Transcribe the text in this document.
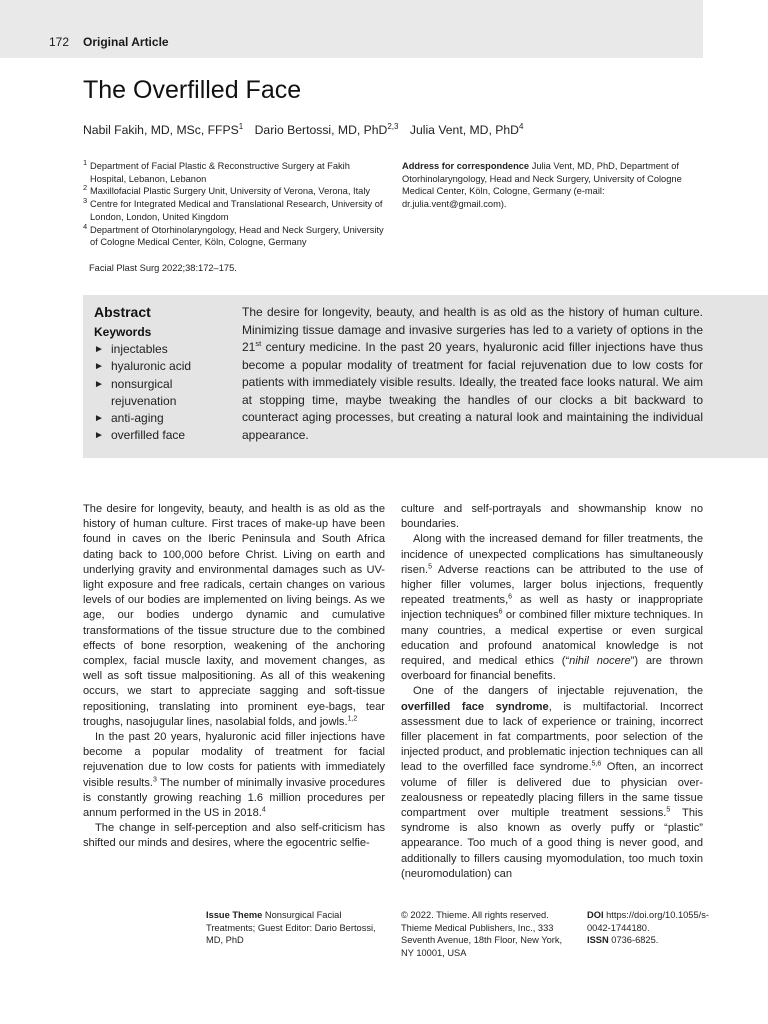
172 Original Article
The Overfilled Face
Nabil Fakih, MD, MSc, FFPS$^1$ Dario Bertossi, MD, PhD$^{2,3}$ Julia Vent, MD, PhD$^4$
1 Department of Facial Plastic & Reconstructive Surgery at Fakih Hospital, Lebanon, Lebanon
2 Maxillofacial Plastic Surgery Unit, University of Verona, Verona, Italy
3 Centre for Integrated Medical and Translational Research, University of London, London, United Kingdom
4 Department of Otorhinolaryngology, Head and Neck Surgery, University of Cologne Medical Center, Köln, Cologne, Germany
Address for correspondence Julia Vent, MD, PhD, Department of Otorhinolaryngology, Head and Neck Surgery, University of Cologne Medical Center, Köln, Cologne, Germany (e-mail: dr.julia.vent@gmail.com).
Facial Plast Surg 2022;38:172–175.
Abstract
Keywords
► injectables
► hyaluronic acid
► nonsurgical rejuvenation
► anti-aging
► overfilled face

The desire for longevity, beauty, and health is as old as the history of human culture. Minimizing tissue damage and invasive surgeries has led to a variety of options in the 21st century medicine. In the past 20 years, hyaluronic acid filler injections have thus become a popular modality of treatment for facial rejuvenation due to low costs for patients with immediately visible results. Ideally, the treated face looks natural. We aim at stopping time, maybe tweaking the handles of our clocks a bit backward to counteract aging processes, but creating a natural look and maintaining the individual appearance.

The desire for longevity, beauty, and health is as old as the history of human culture. First traces of make-up have been found in caves on the Iberic Peninsula and South Africa dating back to 100,000 before Christ. Living on earth and underlying gravity and environmental damages such as UV-light exposure and free radicals, certain changes on various levels of our bodies are implemented on living beings. As we age, our bodies undergo dynamic and cumulative transformations of the tissue structure due to the combined effects of bone resorption, weakening of the anchoring complex, facial muscle laxity, and movement changes, as well as soft tissue malpositioning. As all of this weakening occurs, we start to appreciate sagging and soft-tissue repositioning, translating into prominent eye-bags, tear troughs, nasojugular lines, nasolabial folds, and jowls.$^{1,2}$

In the past 20 years, hyaluronic acid filler injections have become a popular modality of treatment for facial rejuvenation due to low costs for patients with immediately visible results.$^3$ The number of minimally invasive procedures is constantly growing reaching 1.6 million procedures per annum performed in the US in 2018.$^4$

The change in self-perception and also self-criticism has shifted our minds and desires, where the egocentric selfie-

culture and self-portrayals and showmanship know no boundaries.

Along with the increased demand for filler treatments, the incidence of unexpected complications has simultaneously risen.$^5$ Adverse reactions can be attributed to the use of higher filler volumes, larger bolus injections, frequently repeated treatments,$^6$ as well as hasty or inappropriate injection techniques$^6$ or combined filler mixture techniques. In many countries, a medical expertise or even surgical education and profound anatomical knowledge is not required, and medical ethics (“nihil nocere”) are thrown overboard for financial benefits.

One of the dangers of injectable rejuvenation, the overfilled face syndrome, is multifactorial. Incorrect assessment due to lack of experience or training, incorrect filler placement in fat compartments, poor selection of the injected product, and problematic injection techniques can all lead to the overfilled face syndrome.$^{5,6}$ Often, an incorrect volume of filler is delivered due to physician over-zealousness or repeatedly placing fillers in the same tissue compartment over multiple treatment sessions.$^5$ This syndrome is also known as overly puffy or “plastic” appearance. Too much of a good thing is never good, and additionally to fillers causing myomodulation, too much toxin (neuromodulation) can

Issue Theme Nonsurgical Facial Treatments; Guest Editor: Dario Bertossi, MD, PhD
© 2022. Thieme. All rights reserved. Thieme Medical Publishers, Inc., 333 Seventh Avenue, 18th Floor, New York, NY 10001, USA
DOI https://doi.org/10.1055/s-0042-1744180.
ISSN 0736-6825.
